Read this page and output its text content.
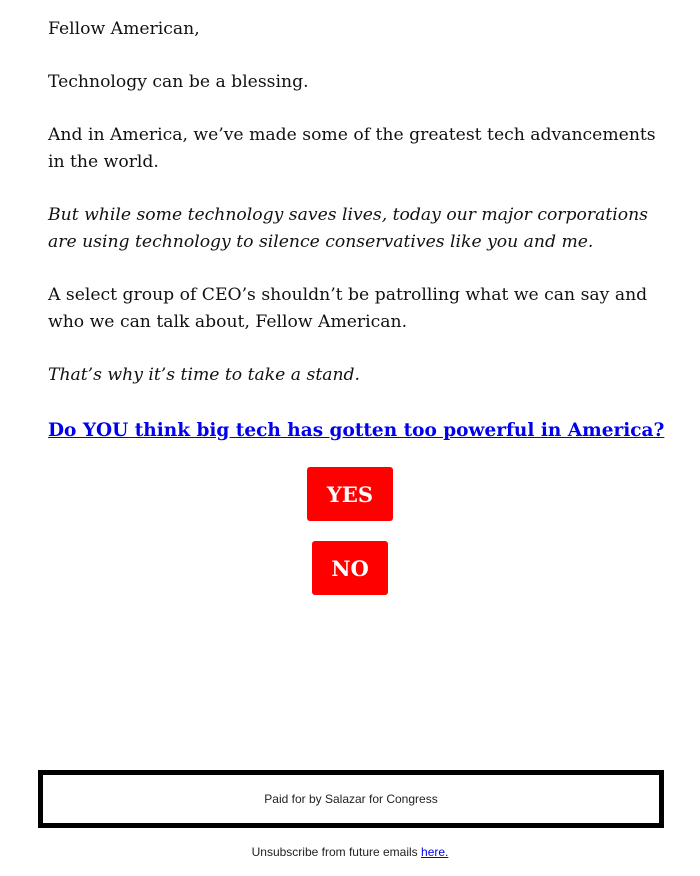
Fellow American,

Technology can be a blessing.

And in America, we’ve made some of the greatest tech advancements in the world.

But while some technology saves lives, today our major corporations are using technology to silence conservatives like you and me.

A select group of CEO’s shouldn’t be patrolling what we can say and who we can talk about, Fellow American.

That’s why it’s time to take a stand.

Do YOU think big tech has gotten too powerful in America?
YES
NO
Paid for by Salazar for Congress
Unsubscribe from future emails here.
